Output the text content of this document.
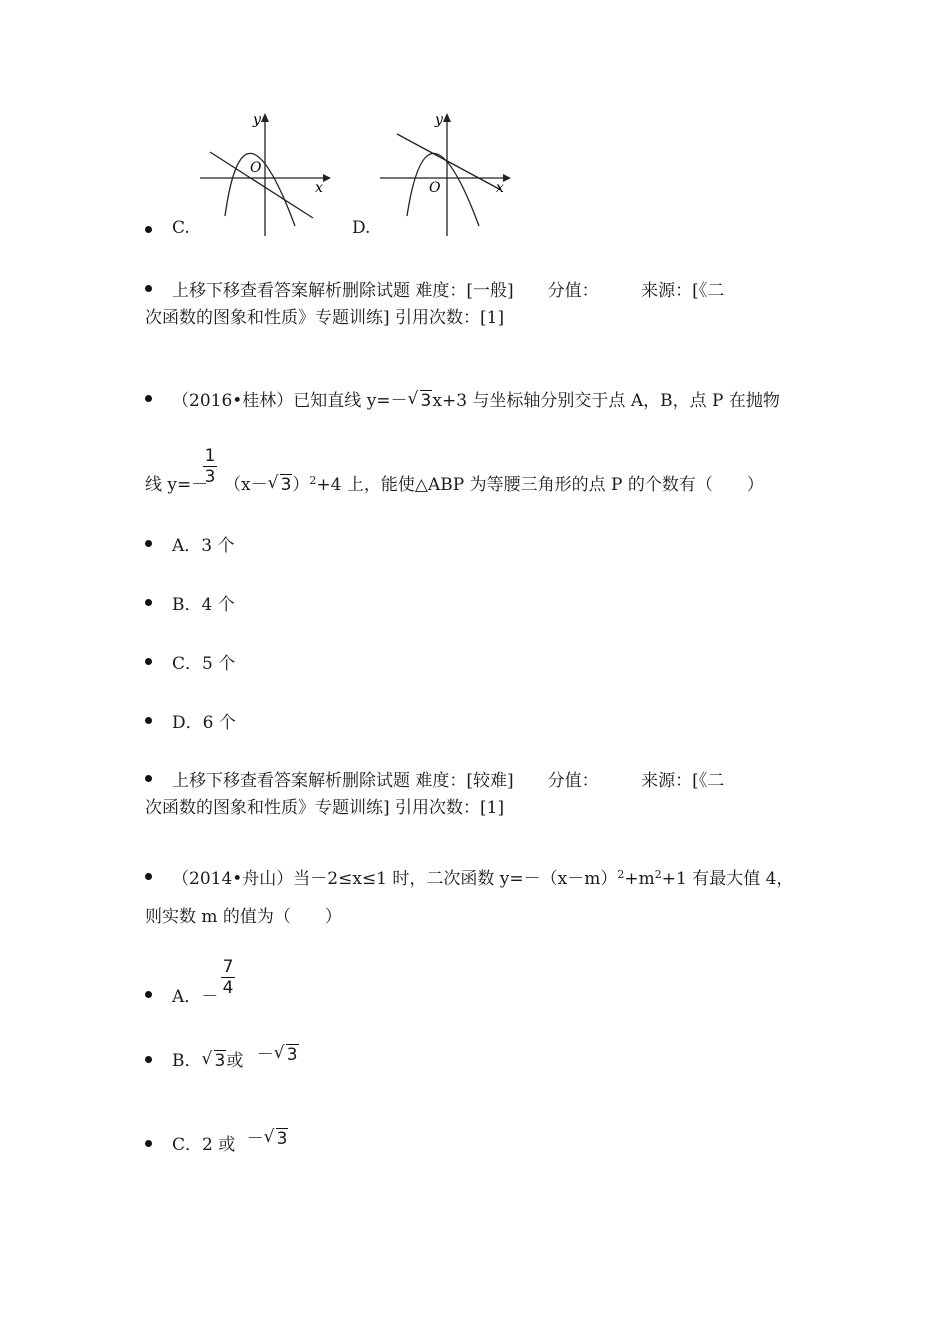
y
x
O
y
x
O
C.	D.
上移下移查看答案解析删除试题 难度：[一般]　　分值：　　　来源：[《二
次函数的图象和性质》专题训练] 引用次数：[1]
（2016•桂林）已知直线 y=－ √ 3x+3 与坐标轴分别交于点 A，B，点 P 在抛物
线 y=－
1
3 （x－ √ 3）$^2$+4 上，能使△ABP 为等腰三角形的点 P 的个数有（　　）
A．3 个
B．4 个
C．5 个
D．6 个
上移下移查看答案解析删除试题 难度：[较难]　　分值：　　　来源：[《二
次函数的图象和性质》专题训练] 引用次数：[1]
（2014•舟山）当－2≤x≤1 时，二次函数 $y=-(x-m)^2+m^2+1$ 有最大值 4，
则实数 m 的值为（　　）
A．－
7
4
B． √ 3或 － √ 3
C．2 或 － √ 3
